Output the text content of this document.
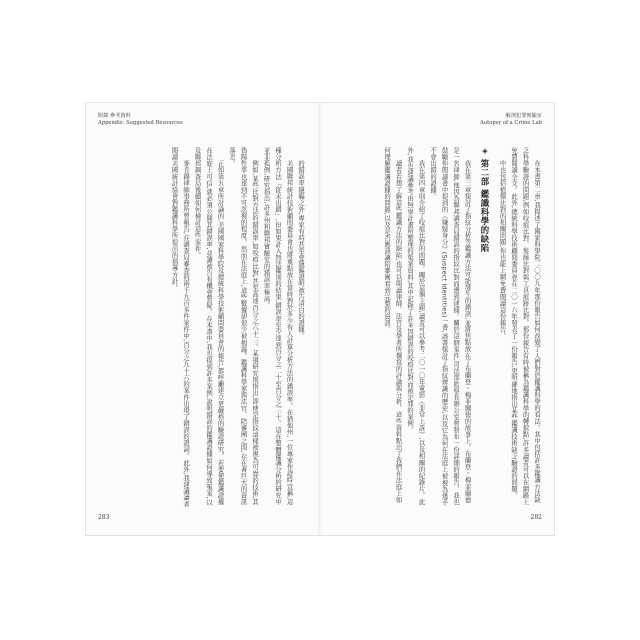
附錄 參考資料
Appendix: Suggested Resources

的錯誤率隱瞞之外,專家有時甚至會隱瞞證明被告清白的證據。

美國聯邦統計技術顧問委員會也將重點放在當時對於多少有人計算分析方法的錯誤率。在猶他州,一位專家作證時宣稱,這種分析方法「從未出錯」,但如果計入無法鑑別的結果,錯誤率至少達到百分之二十至百分之三十。這在整體鑑識分析的研究中並非孤例,研究指出,許多州和聯邦實驗室的錯誤率極高。

例如,某些比對方法的錯誤率,如咬痕比對,甚至高達百分之六十三。某項研究則指出,即使是指紋這樣被視為可靠的技術,其偽陽性率也達到不可忽視的程度。然而在法庭上,這些數據卻很少被揭露。鑑識科學家與法官、陪審團之間,存在著巨大的資訊落差。

正如第五章所討論的,美國國家科學院及總統科學技術顧問委員會的報告,都呼籲建立更嚴格的驗證研究。若要使鑑識證據在法庭上可信,就必須公開其錯誤率,並讓被告有機會質疑。在本書中,我也提到許多案例,說明錯誤的鑑識證據如何導致冤案,以及聯邦調查局後續如何檢討這些案件。

麥肯錫律師事務所曾報告,在調查局審查的兩千九百多件案件中,百分之九十六的案件出現了錯誤的證詞。此外,我建議讀者閱讀美國統計協會對鑑識科學所提出的指導方針。

283
解剖犯罪實驗室
Autopsy of a Crime Lab

在本書第二章,我描述了國家科學院二〇〇九年那份報告如何改變了人們對於鑑識科學的看法。其中包括許多鑑識方法缺乏科學驗證的問題,例如咬痕比對、髮絲比對與工具痕跡比對。那份報告有時被稱為鑑識科學的轉捩點,許多讀者可以在網路上免費閱讀全文。此外,總統科學技術顧問委員會在二〇一六年發表了一份報告,更明確地指出某些鑑識技術缺乏驗證的問題。

中也包括植彈比對的相關問題,你也能上網免費閱讀這份報告。

◈ 第二部 鑑識科學的缺陷

我在第三章探討了指紋分析等鑑識方法可能發生的錯誤,並將焦點放在了布蘭登・梅菲爾德的故事上。布蘭登・梅菲爾德是一名律師,他因為聯邦調查局錯誤的指紋比對而遭到逮捕。關於這個案件,司法部監察長辦公室曾發布一份詳細的報告。我也鼓勵你閱讀書中提到的《嫌疑身分》(Suspect Identities)一書,該書探討了指紋辨識的歷史,以及它為何在法庭上被視為幾乎不會出錯的證據。

我在第四章則介紹了咬痕比對的問題。關於這個主題,讀者可以參考二〇一〇年電影《非常上訴》,以及相關的紀錄片。此外,我也建議參考由無辜計畫所整理的冤案資料,其中記錄了許多因錯誤的咬痕比對而被定罪的案例。

讀者若想了解這些鑑識方法的缺陷,也可以閱讀律師、法官及學者所撰寫的評論與分析。這些資料點出了我們在法庭上如何理解鑑識證據的問題,以及是否應該讓陪審團看到完整的資訊。

282
